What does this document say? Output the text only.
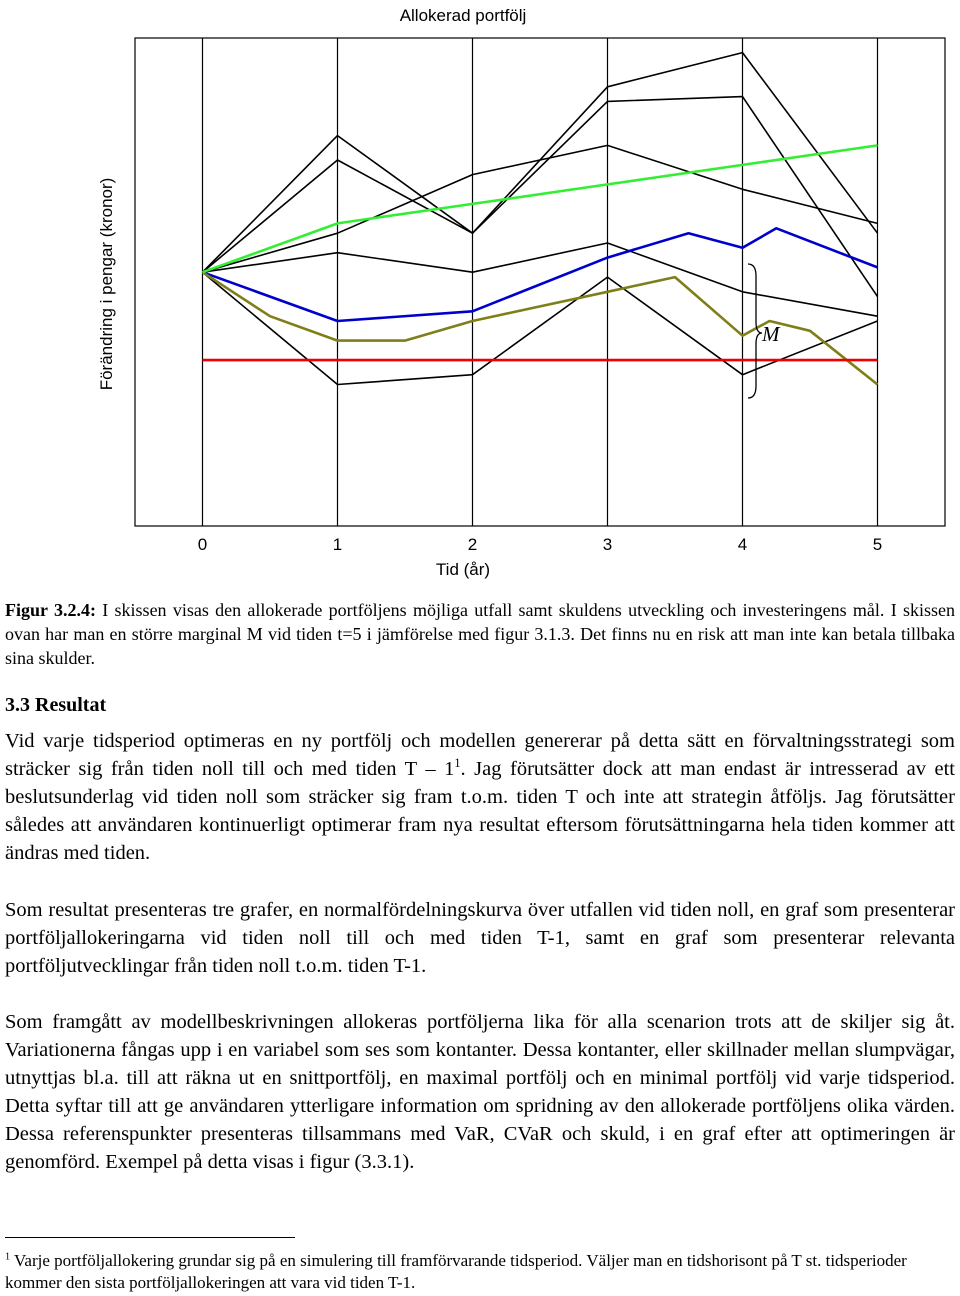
Allokerad portfölj
0	1	2	3	4	5
Tid (år)
Förändring i pengar (kronor)	M
Figur 3.2.4: I skissen visas den allokerade portföljens möjliga utfall samt skuldens utveckling och investeringens mål. I skissen ovan har man en större marginal M vid tiden t=5 i jämförelse med figur 3.1.3. Det finns nu en risk att man inte kan betala tillbaka sina skulder.
3.3 Resultat
Vid varje tidsperiod optimeras en ny portfölj och modellen genererar på detta sätt en förvaltningsstrategi som sträcker sig från tiden noll till och med tiden T – $1^1$. Jag förutsätter dock att man endast är intresserad av ett beslutsunderlag vid tiden noll som sträcker sig fram t.o.m. tiden T och inte att strategin åtföljs. Jag förutsätter således att användaren kontinuerligt optimerar fram nya resultat eftersom förutsättningarna hela tiden kommer att ändras med tiden.
Som resultat presenteras tre grafer, en normalfördelningskurva över utfallen vid tiden noll, en graf som presenterar portföljallokeringarna vid tiden noll till och med tiden T-1, samt en graf som presenterar relevanta portföljutvecklingar från tiden noll t.o.m. tiden T-1.
Som framgått av modellbeskrivningen allokeras portföljerna lika för alla scenarion trots att de skiljer sig åt. Variationerna fångas upp i en variabel som ses som kontanter. Dessa kontanter, eller skillnader mellan slumpvägar, utnyttjas bl.a. till att räkna ut en snittportfölj, en maximal portfölj och en minimal portfölj vid varje tidsperiod. Detta syftar till att ge användaren ytterligare information om spridning av den allokerade portföljens olika värden. Dessa referenspunkter presenteras tillsammans med VaR, CVaR och skuld, i en graf efter att optimeringen är genomförd. Exempel på detta visas i figur (3.3.1).
$^1$ Varje portföljallokering grundar sig på en simulering till framförvarande tidsperiod. Väljer man en tidshorisont på T st. tidsperioder kommer den sista portföljallokeringen att vara vid tiden T-1.
